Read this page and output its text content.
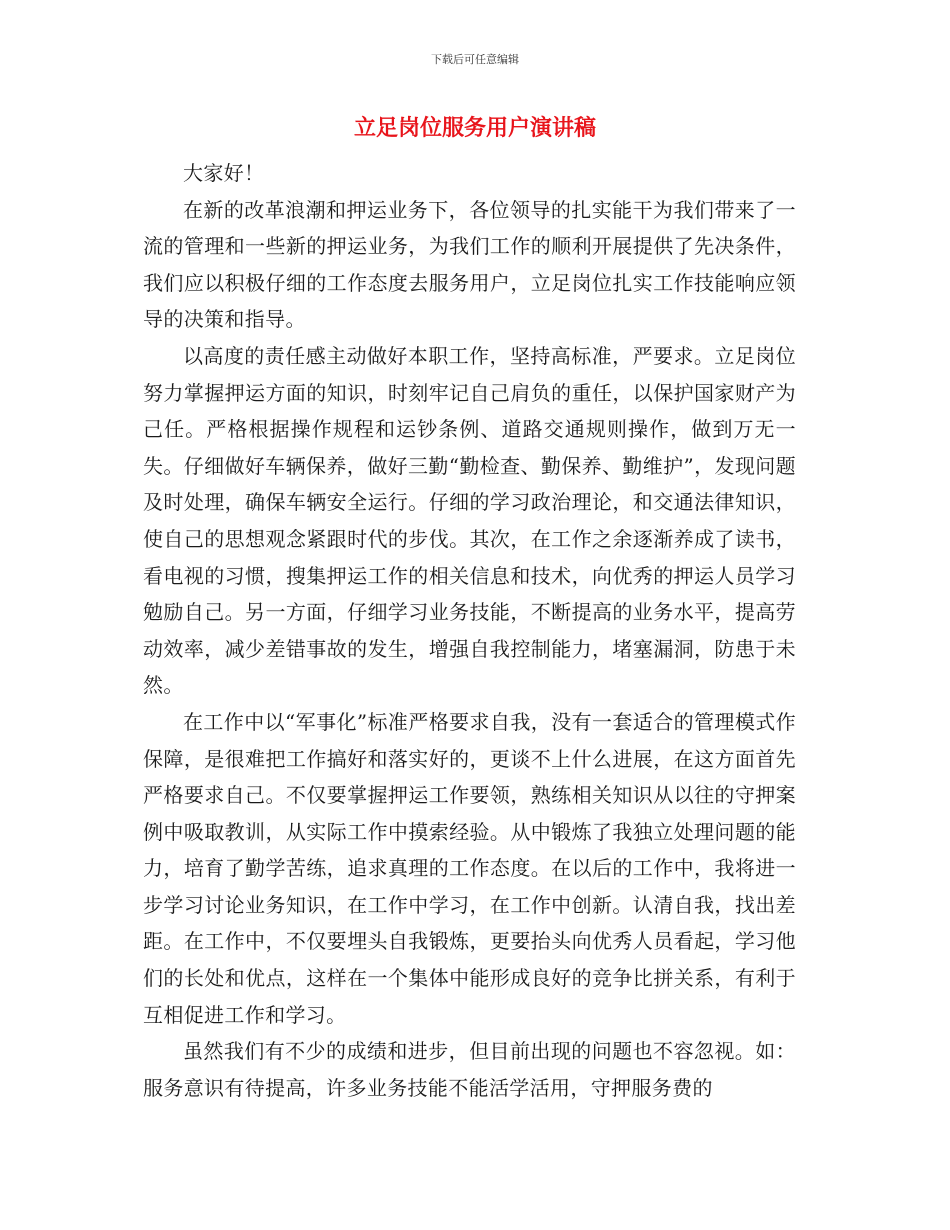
下载后可任意编辑
立足岗位服务用户演讲稿

大家好！

在新的改革浪潮和押运业务下，各位领导的扎实能干为我们带来了一流的管理和一些新的押运业务，为我们工作的顺利开展提供了先决条件，我们应以积极仔细的工作态度去服务用户，立足岗位扎实工作技能响应领导的决策和指导。

以高度的责任感主动做好本职工作，坚持高标准，严要求。立足岗位努力掌握押运方面的知识，时刻牢记自己肩负的重任，以保护国家财产为己任。严格根据操作规程和运钞条例、道路交通规则操作，做到万无一失。仔细做好车辆保养，做好三勤“勤检查、勤保养、勤维护”，发现问题及时处理，确保车辆安全运行。仔细的学习政治理论，和交通法律知识，使自己的思想观念紧跟时代的步伐。其次，在工作之余逐渐养成了读书，看电视的习惯，搜集押运工作的相关信息和技术，向优秀的押运人员学习勉励自己。另一方面，仔细学习业务技能，不断提高的业务水平，提高劳动效率，减少差错事故的发生，增强自我控制能力，堵塞漏洞，防患于未然。

在工作中以“军事化”标准严格要求自我，没有一套适合的管理模式作保障，是很难把工作搞好和落实好的，更谈不上什么进展，在这方面首先严格要求自己。不仅要掌握押运工作要领，熟练相关知识从以往的守押案例中吸取教训，从实际工作中摸索经验。从中锻炼了我独立处理问题的能力，培育了勤学苦练，追求真理的工作态度。在以后的工作中，我将进一步学习讨论业务知识，在工作中学习，在工作中创新。认清自我，找出差距。在工作中，不仅要埋头自我锻炼，更要抬头向优秀人员看起，学习他们的长处和优点，这样在一个集体中能形成良好的竞争比拼关系，有利于互相促进工作和学习。

虽然我们有不少的成绩和进步，但目前出现的问题也不容忽视。如：服务意识有待提高，许多业务技能不能活学活用，守押服务费的
